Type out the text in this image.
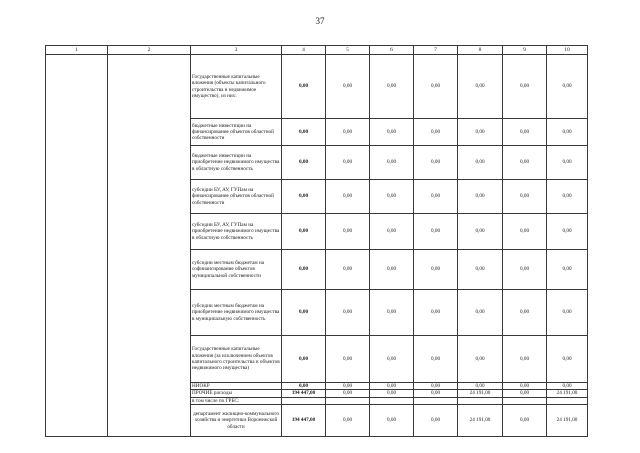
37
1	2	3	4	5	6	7	8	9	10
		Государственные капитальные вложения (объекты капитального строительства и недвижимое имущество), из них:	0,00	0,00	0,00	0,00	0,00	0,00	0,00
		бюджетные инвестиции на финансирование объектов областной собственности	0,00	0,00	0,00	0,00	0,00	0,00	0,00
		бюджетные инвестиции на приобретение недвижимого имущества в областную собственность	0,00	0,00	0,00	0,00	0,00	0,00	0,00
		субсидии БУ, АУ, ГУПам на финансирование объектов областной собственности	0,00	0,00	0,00	0,00	0,00	0,00	0,00
		субсидии БУ, АУ, ГУПам на приобретение недвижимого имущества в областную собственность	0,00	0,00	0,00	0,00	0,00	0,00	0,00
		субсидии местным бюджетам на софинансирование объектов муниципальной собственности	0,00	0,00	0,00	0,00	0,00	0,00	0,00
		субсидии местным бюджетам на приобретение недвижимого имущества в муниципальную собственность	0,00	0,00	0,00	0,00	0,00	0,00	0,00
		Государственные капитальные вложения (за исключением объектов капитального строительства и объектов недвижимого имущества)	0,00	0,00	0,00	0,00	0,00	0,00	0,00
		НИОКР	0,00	0,00	0,00	0,00	0,00	0,00	0,00
		ПРОЧИЕ расходы	194 447,00	0,00	0,00	0,00	24 191,00	0,00	24 191,00
		в том числе по ГРБС:							
		департамент жилищно-коммунального хозяйства и энергетики Воронежской области	194 447,00	0,00	0,00	0,00	24 191,00	0,00	24 191,00
